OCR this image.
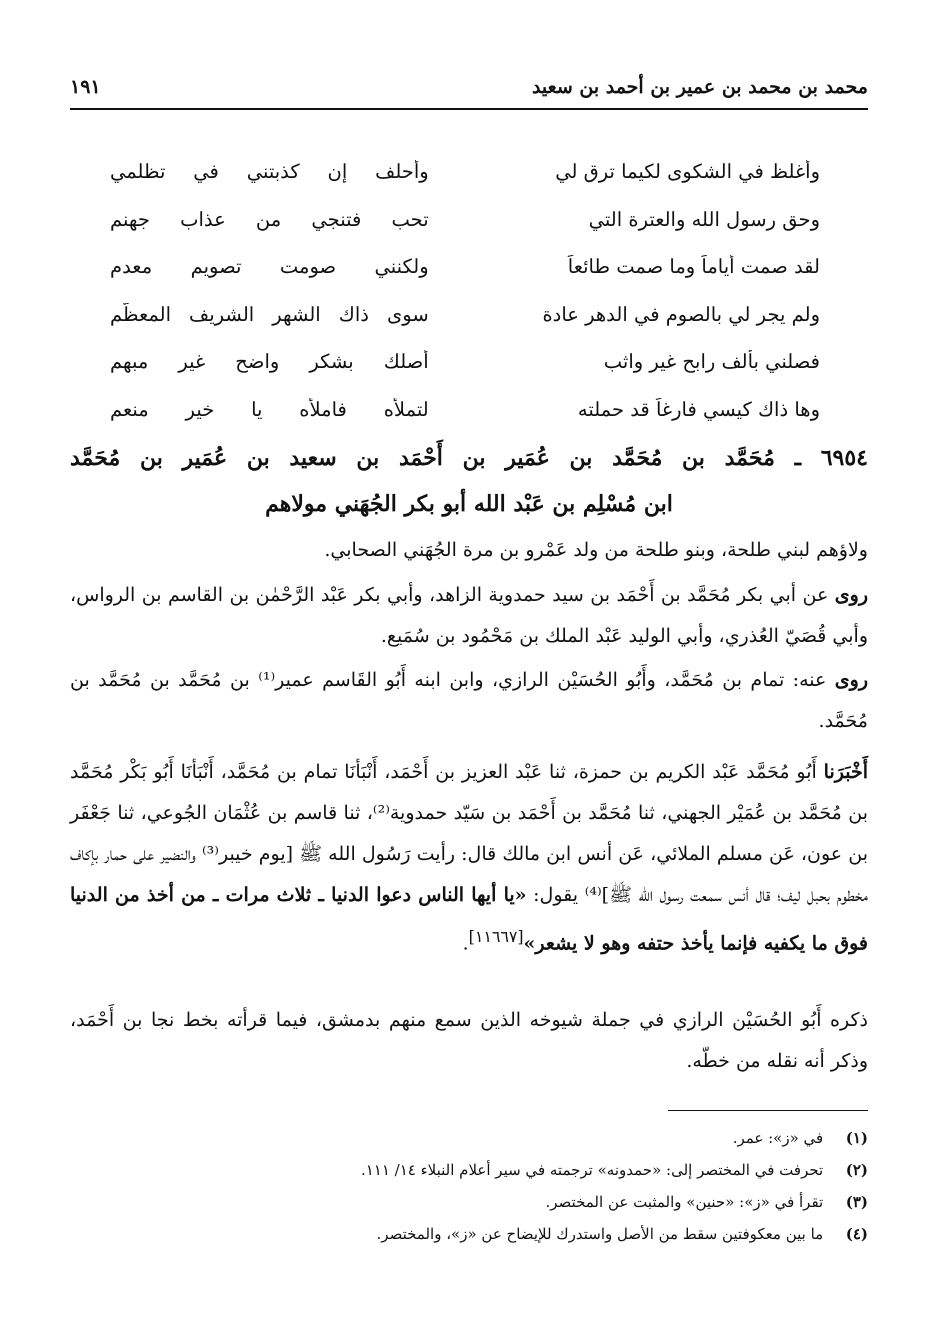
محمد بن محمد بن عمير بن أحمد بن سعيد
١٩١
وأغلظ في الشكوى لكيما ترق لي
وأحلف إن كذبتني في تظلمي
وحق رسول الله والعترة التي
تحب فتنجي من عذاب جهنم
لقد صمت أياماً وما صمت طائعاً
ولكنني صومت تصويم معدم
ولم يجر لي بالصوم في الدهر عادة
سوى ذاك الشهر الشريف المعظّم
فصلني بألف رابح غير واثب
أصلك بشكر واضح غير مبهم
وها ذاك كيسي فارغاً قد حملته
لتملأه فاملأه يا خير منعم
٦٩٥٤ ـ مُحَمَّد بن مُحَمَّد بن عُمَير بن أَحْمَد بن سعيد بن عُمَير بن مُحَمَّد
ابن مُسْلِم بن عَبْد الله أبو بكر الجُهَني مولاهم

ولاؤهم لبني طلحة، وبنو طلحة من ولد عَمْرو بن مرة الجُهَني الصحابي.

روى عن أبي بكر مُحَمَّد بن أَحْمَد بن سيد حمدوية الزاهد، وأبي بكر عَبْد الرَّحْمٰن بن القاسم بن الرواس، وأبي قُصَيّ العُذري، وأبي الوليد عَبْد الملك بن مَحْمُود بن سُمَيع.

روى عنه: تمام بن مُحَمَّد، وأَبُو الحُسَيْن الرازي، وابن ابنه أَبُو القَاسم عمير⁽¹⁾ بن مُحَمَّد بن مُحَمَّد بن مُحَمَّد.

أَخْبَرَنا أَبُو مُحَمَّد عَبْد الكريم بن حمزة، ثنا عَبْد العزيز بن أَحْمَد، أَنْبَأنَا تمام بن مُحَمَّد، أَنْبَأنَا أَبُو بَكْر مُحَمَّد بن مُحَمَّد بن عُمَيْر الجهني، ثنا مُحَمَّد بن أَحْمَد بن سَيّد حمدوية⁽²⁾، ثنا قاسم بن عُثْمَان الجُوعي، ثنا جَعْفَر بن عون، عَن مسلم الملائي، عَن أنس ابن مالك قال: رأيت رَسُول الله ﷺ [يوم خيبر⁽³⁾ والنضير على حمار بإكاف مخطوم بحبل ليف؛ قال أنس سمعت رسول الله ﷺ]⁽⁴⁾ يقول: «يا أيها الناس دعوا الدنيا ـ ثلاث مرات ـ من أخذ من الدنيا فوق ما يكفيه فإنما يأخذ حتفه وهو لا يشعر»[١١٦٦٧].

ذكره أَبُو الحُسَيْن الرازي في جملة شيوخه الذين سمع منهم بدمشق، فيما قرأته بخط نجا بن أَحْمَد، وذكر أنه نقله من خطّه.

(١) في «ز»: عمر.
(٢) تحرفت في المختصر إلى: «حمدونه» ترجمته في سير أعلام النبلاء ١٤/ ١١١.
(٣) تقرأ في «ز»: «حنين» والمثبت عن المختصر.
(٤) ما بين معكوفتين سقط من الأصل واستدرك للإيضاح عن «ز»، والمختصر.
